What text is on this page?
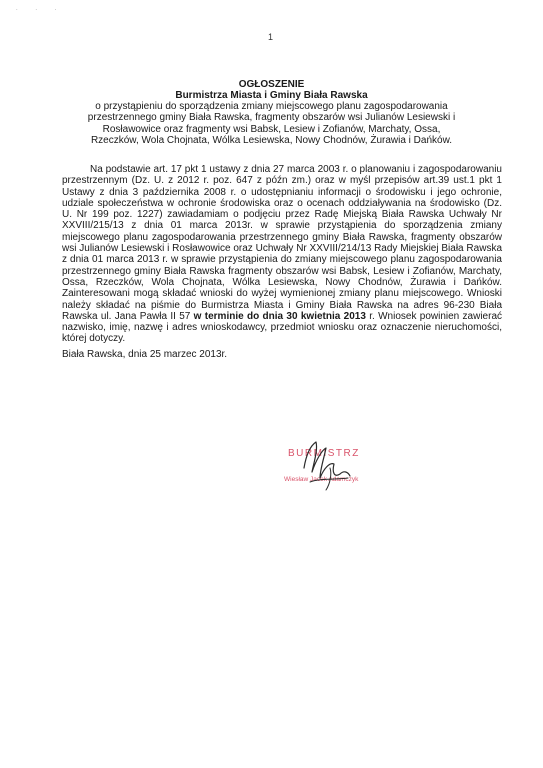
. . .
1
OGŁOSZENIE
Burmistrza Miasta i Gminy Biała Rawska
o przystąpieniu do sporządzenia zmiany miejscowego planu zagospodarowania
przestrzennego gminy Biała Rawska, fragmenty obszarów wsi Julianów Lesiewski i
Rosławowice oraz fragmenty wsi Babsk, Lesiew i Zofianów, Marchaty, Ossa,
Rzeczków, Wola Chojnata, Wólka Lesiewska, Nowy Chodnów, Żurawia i Dańków.
Na podstawie art. 17 pkt 1 ustawy z dnia 27 marca 2003 r. o planowaniu i zagospodarowaniu przestrzennym (Dz. U. z 2012 r. poz. 647 z późn zm.) oraz w myśl przepisów art.39 ust.1 pkt 1 Ustawy z dnia 3 października 2008 r. o udostępnianiu informacji o środowisku i jego ochronie, udziale społeczeństwa w ochronie środowiska oraz o ocenach oddziaływania na środowisko (Dz. U. Nr 199 poz. 1227) zawiadamiam o podjęciu przez Radę Miejską Biała Rawska Uchwały Nr XXVIII/215/13 z dnia 01 marca 2013r. w sprawie przystąpienia do sporządzenia zmiany miejscowego planu zagospodarowania przestrzennego gminy Biała Rawska, fragmenty obszarów wsi Julianów Lesiewski i Rosławowice oraz Uchwały Nr XXVIII/214/13 Rady Miejskiej Biała Rawska z dnia 01 marca 2013 r. w sprawie przystąpienia do zmiany miejscowego planu zagospodarowania przestrzennego gminy Biała Rawska fragmenty obszarów wsi Babsk, Lesiew i Zofianów, Marchaty, Ossa, Rzeczków, Wola Chojnata, Wólka Lesiewska, Nowy Chodnów, Żurawia i Dańków. Zainteresowani mogą składać wnioski do wyżej wymienionej zmiany planu miejscowego. Wnioski należy składać na piśmie do Burmistrza Miasta i Gminy Biała Rawska na adres 96-230 Biała Rawska ul. Jana Pawła II 57 w terminie do dnia 30 kwietnia 2013 r. Wniosek powinien zawierać nazwisko, imię, nazwę i adres wnioskodawcy, przedmiot wniosku oraz oznaczenie nieruchomości, której dotyczy.
Biała Rawska, dnia 25 marzec 2013r.
BURMISTRZ
Wiesław Jacek Adamczyk
